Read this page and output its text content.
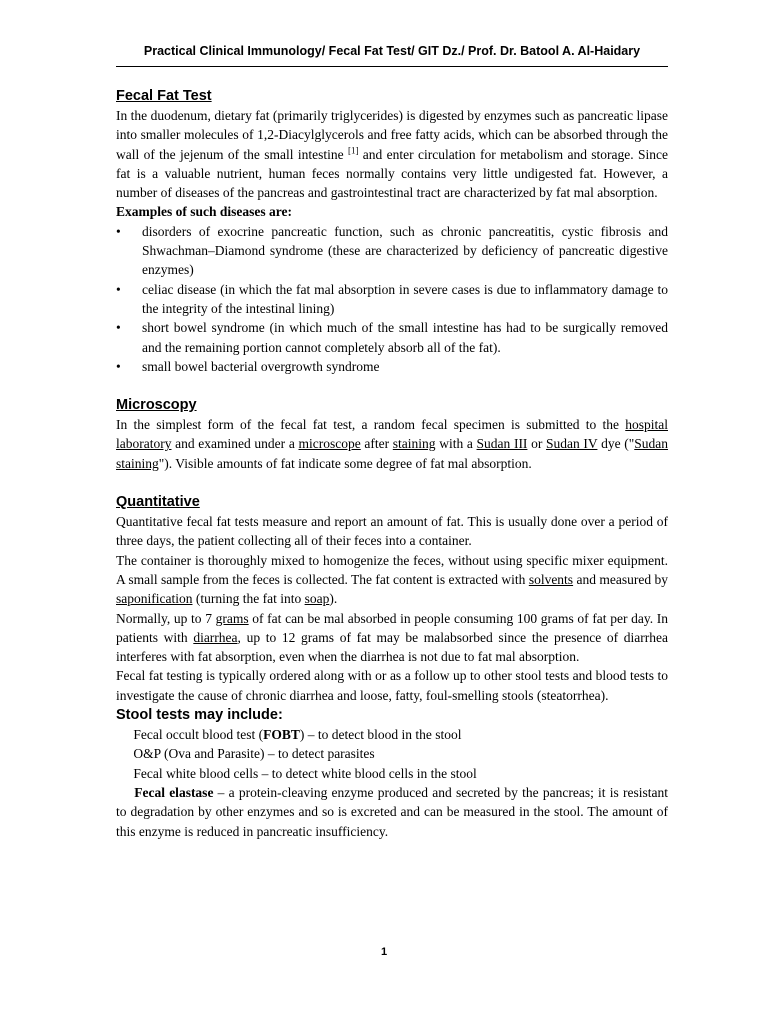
Practical Clinical Immunology/ Fecal Fat Test/ GIT Dz./ Prof. Dr. Batool A. Al-Haidary
Fecal Fat Test

In the duodenum, dietary fat (primarily triglycerides) is digested by enzymes such as pancreatic lipase into smaller molecules of 1,2-Diacylglycerols and free fatty acids, which can be absorbed through the wall of the jejenum of the small intestine [1] and enter circulation for metabolism and storage. Since fat is a valuable nutrient, human feces normally contains very little undigested fat. However, a number of diseases of the pancreas and gastrointestinal tract are characterized by fat mal absorption.

Examples of such diseases are:

• disorders of exocrine pancreatic function, such as chronic pancreatitis, cystic fibrosis and Shwachman–Diamond syndrome (these are characterized by deficiency of pancreatic digestive enzymes)
• celiac disease (in which the fat mal absorption in severe cases is due to inflammatory damage to the integrity of the intestinal lining)
• short bowel syndrome (in which much of the small intestine has had to be surgically removed and the remaining portion cannot completely absorb all of the fat).
• small bowel bacterial overgrowth syndrome
Microscopy

In the simplest form of the fecal fat test, a random fecal specimen is submitted to the hospital laboratory and examined under a microscope after staining with a Sudan III or Sudan IV dye ("Sudan staining"). Visible amounts of fat indicate some degree of fat mal absorption.

Quantitative

Quantitative fecal fat tests measure and report an amount of fat. This is usually done over a period of three days, the patient collecting all of their feces into a container.

The container is thoroughly mixed to homogenize the feces, without using specific mixer equipment. A small sample from the feces is collected. The fat content is extracted with solvents and measured by saponification (turning the fat into soap).

Normally, up to 7 grams of fat can be mal absorbed in people consuming 100 grams of fat per day. In patients with diarrhea, up to 12 grams of fat may be malabsorbed since the presence of diarrhea interferes with fat absorption, even when the diarrhea is not due to fat mal absorption.

Fecal fat testing is typically ordered along with or as a follow up to other stool tests and blood tests to investigate the cause of chronic diarrhea and loose, fatty, foul-smelling stools (steatorrhea).

Stool tests may include:

Fecal occult blood test (FOBT) – to detect blood in the stool

O&P (Ova and Parasite) – to detect parasites

Fecal white blood cells – to detect white blood cells in the stool

Fecal elastase – a protein-cleaving enzyme produced and secreted by the pancreas; it is resistant to degradation by other enzymes and so is excreted and can be measured in the stool. The amount of this enzyme is reduced in pancreatic insufficiency.

1
